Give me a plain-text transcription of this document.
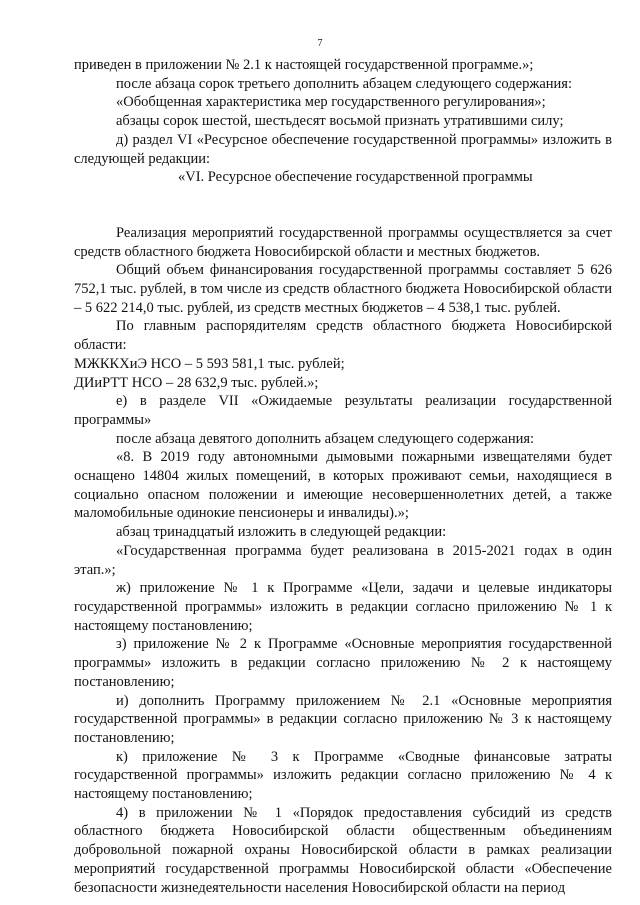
7

приведен в приложении № 2.1 к настоящей государственной программе.»;

после абзаца сорок третьего дополнить абзацем следующего содержания:

«Обобщенная характеристика мер государственного регулирования»;

абзацы сорок шестой, шестьдесят восьмой признать утратившими силу;

д) раздел VI «Ресурсное обеспечение государственной программы» изложить в следующей редакции:

«VI. Ресурсное обеспечение государственной программы

Реализация мероприятий государственной программы осуществляется за счет средств областного бюджета Новосибирской области и местных бюджетов.

Общий объем финансирования государственной программы составляет 5 626 752,1 тыс. рублей, в том числе из средств областного бюджета Новосибирской области – 5 622 214,0 тыс. рублей, из средств местных бюджетов – 4 538,1 тыс. рублей.

По главным распорядителям средств областного бюджета Новосибирской области:

МЖККХиЭ НСО – 5 593 581,1 тыс. рублей;

ДИиРТТ НСО – 28 632,9 тыс. рублей.»;

е) в разделе VII «Ожидаемые результаты реализации государственной программы»

после абзаца девятого дополнить абзацем следующего содержания:

«8. В 2019 году автономными дымовыми пожарными извещателями будет оснащено 14804 жилых помещений, в которых проживают семьи, находящиеся в социально опасном положении и имеющие несовершеннолетних детей, а также маломобильные одинокие пенсионеры и инвалиды).»;

абзац тринадцатый изложить в следующей редакции:

«Государственная программа будет реализована в 2015-2021 годах в один этап.»;

ж) приложение № 1 к Программе «Цели, задачи и целевые индикаторы государственной программы» изложить в редакции согласно приложению № 1 к настоящему постановлению;

з) приложение № 2 к Программе «Основные мероприятия государственной программы» изложить в редакции согласно приложению № 2 к настоящему постановлению;

и) дополнить Программу приложением № 2.1 «Основные мероприятия государственной программы» в редакции согласно приложению № 3 к настоящему постановлению;

к) приложение № 3 к Программе «Сводные финансовые затраты государственной программы» изложить редакции согласно приложению № 4 к настоящему постановлению;

4) в приложении № 1 «Порядок предоставления субсидий из средств областного бюджета Новосибирской области общественным объединениям добровольной пожарной охраны Новосибирской области в рамках реализации мероприятий государственной программы Новосибирской области «Обеспечение безопасности жизнедеятельности населения Новосибирской области на период
